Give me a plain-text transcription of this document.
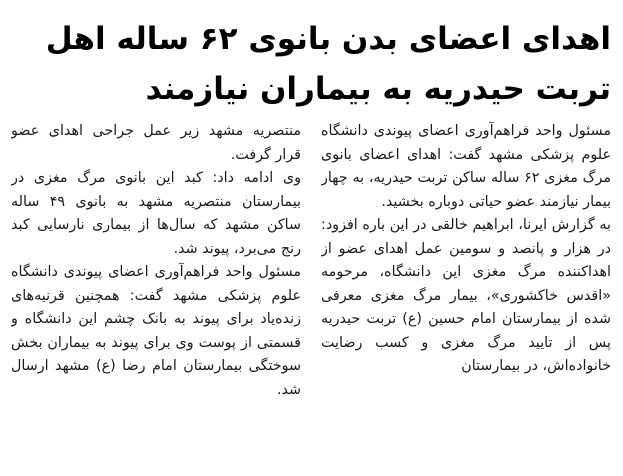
اهدای اعضای بدن بانوی ۶۲ ساله اهل تربت حیدریه به بیماران نیازمند

مسئول واحد فراهم‌آوری اعضای پیوندی دانشگاه علوم پزشکی مشهد گفت: اهدای اعضای بانوی مرگ مغزی ۶۲ ساله ساکن تربت حیدریه، به چهار بیمار نیازمند عضو حیاتی دوباره بخشید.

به گزارش ایرنا، ابراهیم خالقی در این باره افزود: در هزار و پانصد و سومین عمل اهدای عضو از اهداکننده مرگ مغزی این دانشگاه، مرحومه «اقدس خاکشوری»، بیمار مرگ مغزی معرفی شده از بیمارستان امام حسین (ع) تربت حیدریه پس از تایید مرگ مغزی و کسب رضایت خانواده‌اش، در بیمارستان

منتصریه مشهد زیر عمل جراحی اهدای عضو قرار گرفت.

وی ادامه داد: کبد این بانوی مرگ مغزی در بیمارستان منتصریه مشهد به بانوی ۴۹ ساله ساکن مشهد که سال‌ها از بیماری نارسایی کبد رنج می‌برد، پیوند شد.

مسئول واحد فراهم‌آوری اعضای پیوندی دانشگاه علوم پزشکی مشهد گفت: همچنین قرنیه‌های زنده‌یاد برای پیوند به بانک چشم این دانشگاه و قسمتی از پوست وی برای پیوند به بیماران بخش سوختگی بیمارستان امام رضا (ع) مشهد ارسال شد.
